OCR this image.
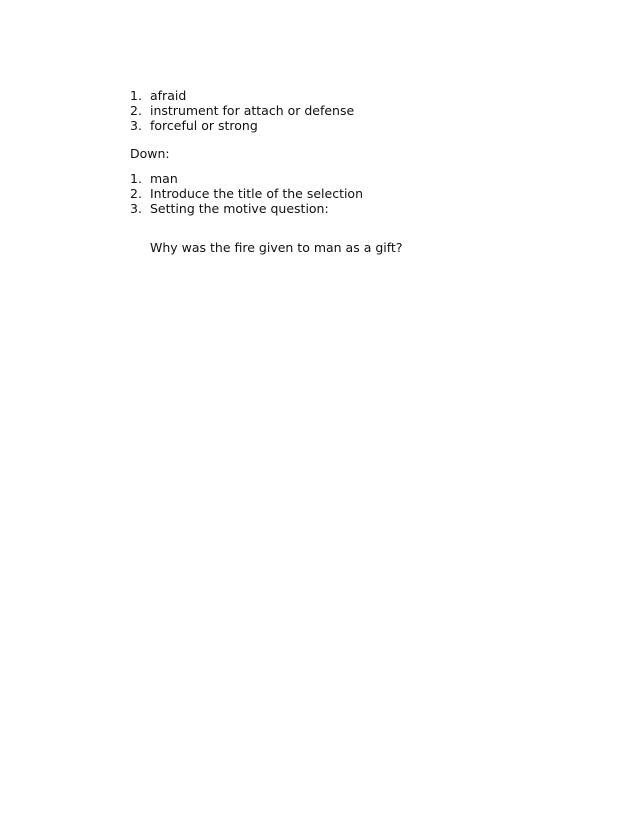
1. afraid
2. instrument for attach or defense
3. forceful or strong
Down:
1. man
2. Introduce the title of the selection
3. Setting the motive question:
Why was the fire given to man as a gift?
